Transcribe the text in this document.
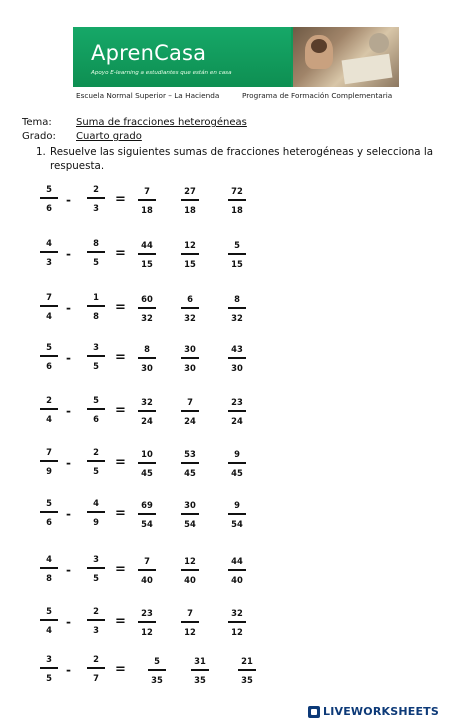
AprenCasa
Apoyo E-learning a estudiantes que están en casa
Escuela Normal Superior – La Hacienda	Programa de Formación Complementaria
Tema: Suma de fracciones heterogéneas
Grado: Cuarto grado
1. Resuelve las siguientes sumas de fracciones heterogéneas y selecciona la respuesta.
5
6
-
2
3
=
7
18
27
18
72
18
4
3
-
8
5
=
44
15
12
15
5
15
7
4
-
1
8
=
60
32
6
32
8
32
5
6
-
3
5
=
8
30
30
30
43
30
2
4
-
5
6
=
32
24
7
24
23
24
7
9
-
2
5
=
10
45
53
45
9
45
5
6
-
4
9
=
69
54
30
54
9
54
4
8
-
3
5
=
7
40
12
40
44
40
5
4
-
2
3
=
23
12
7
12
32
12
3
5
-
2
7
=
5
35
31
35
21
35
LIVEWORKSHEETS
